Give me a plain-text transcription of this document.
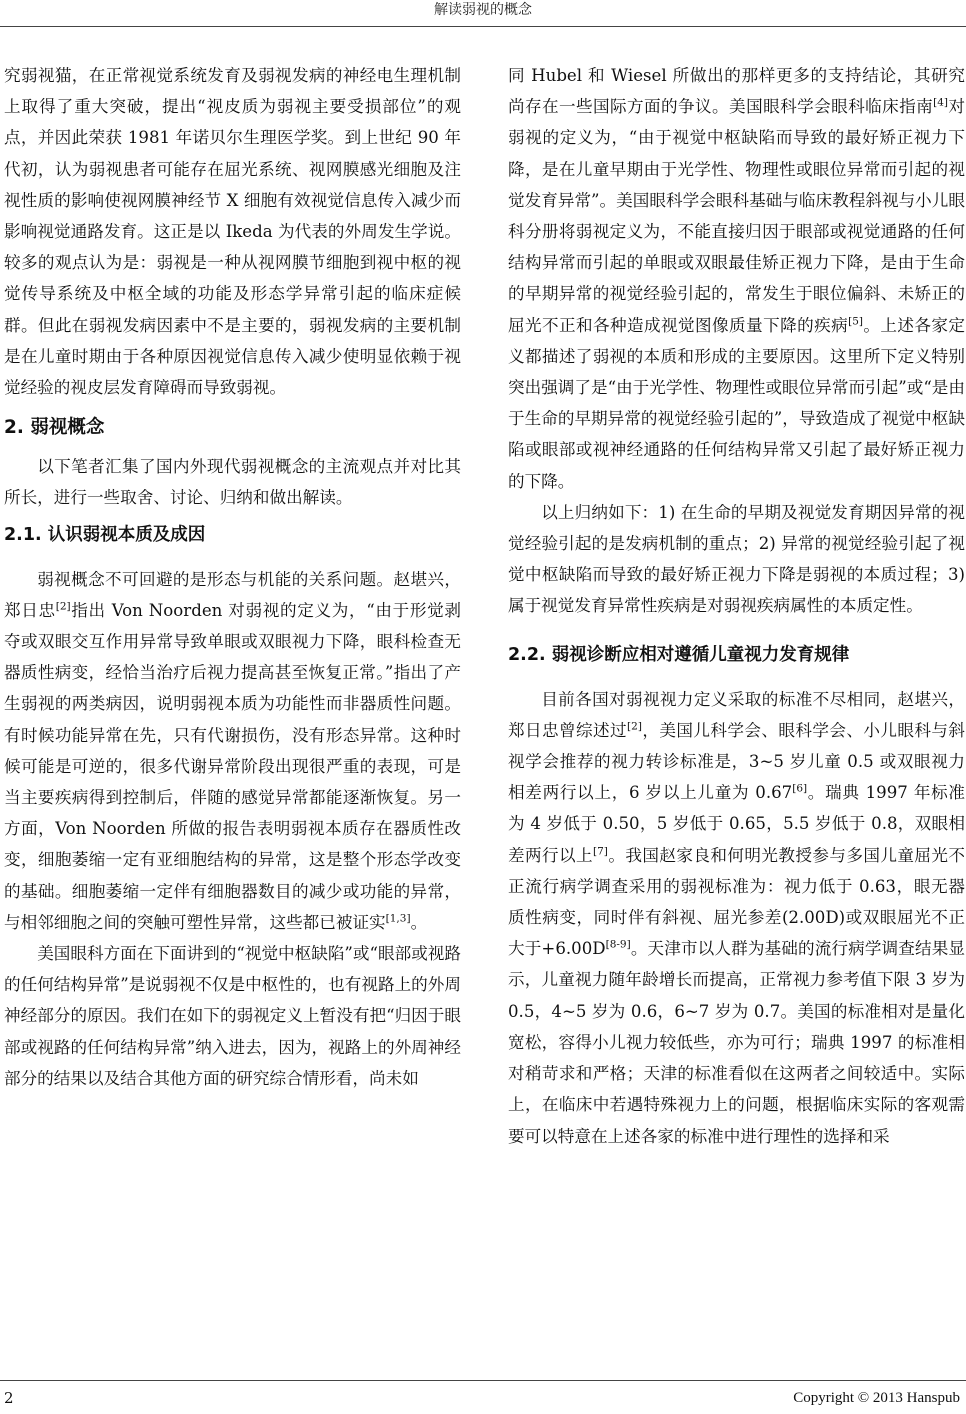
解读弱视的概念

究弱视猫，在正常视觉系统发育及弱视发病的神经电生理机制上取得了重大突破，提出“视皮质为弱视主要受损部位”的观点，并因此荣获 1981 年诺贝尔生理医学奖。到上世纪 90 年代初，认为弱视患者可能存在屈光系统、视网膜感光细胞及注视性质的影响使视网膜神经节 X 细胞有效视觉信息传入减少而影响视觉通路发育。这正是以 Ikeda 为代表的外周发生学说。较多的观点认为是：弱视是一种从视网膜节细胞到视中枢的视觉传导系统及中枢全域的功能及形态学异常引起的临床症候群。但此在弱视发病因素中不是主要的，弱视发病的主要机制是在儿童时期由于各种原因视觉信息传入减少使明显依赖于视觉经验的视皮层发育障碍而导致弱视。

2. 弱视概念

以下笔者汇集了国内外现代弱视概念的主流观点并对比其所长，进行一些取舍、讨论、归纳和做出解读。

2.1. 认识弱视本质及成因

弱视概念不可回避的是形态与机能的关系问题。赵堪兴，郑日忠[2]指出 Von Noorden 对弱视的定义为，“由于形觉剥夺或双眼交互作用异常导致单眼或双眼视力下降，眼科检查无器质性病变，经恰当治疗后视力提高甚至恢复正常。”指出了产生弱视的两类病因，说明弱视本质为功能性而非器质性问题。有时候功能异常在先，只有代谢损伤，没有形态异常。这种时候可能是可逆的，很多代谢异常阶段出现很严重的表现，可是当主要疾病得到控制后，伴随的感觉异常都能逐渐恢复。另一方面，Von Noorden 所做的报告表明弱视本质存在器质性改变，细胞萎缩一定有亚细胞结构的异常，这是整个形态学改变的基础。细胞萎缩一定伴有细胞器数目的减少或功能的异常，与相邻细胞之间的突触可塑性异常，这些都已被证实[1,3]。

美国眼科方面在下面讲到的“视觉中枢缺陷”或“眼部或视路的任何结构异常”是说弱视不仅是中枢性的，也有视路上的外周神经部分的原因。我们在如下的弱视定义上暂没有把“归因于眼部或视路的任何结构异常”纳入进去，因为，视路上的外周神经部分的结果以及结合其他方面的研究综合情形看，尚未如

同 Hubel 和 Wiesel 所做出的那样更多的支持结论，其研究尚存在一些国际方面的争议。美国眼科学会眼科临床指南[4]对弱视的定义为，“由于视觉中枢缺陷而导致的最好矫正视力下降，是在儿童早期由于光学性、物理性或眼位异常而引起的视觉发育异常”。美国眼科学会眼科基础与临床教程斜视与小儿眼科分册将弱视定义为，不能直接归因于眼部或视觉通路的任何结构异常而引起的单眼或双眼最佳矫正视力下降，是由于生命的早期异常的视觉经验引起的，常发生于眼位偏斜、未矫正的屈光不正和各种造成视觉图像质量下降的疾病[5]。上述各家定义都描述了弱视的本质和形成的主要原因。这里所下定义特别突出强调了是“由于光学性、物理性或眼位异常而引起”或“是由于生命的早期异常的视觉经验引起的”，导致造成了视觉中枢缺陷或眼部或视神经通路的任何结构异常又引起了最好矫正视力的下降。

以上归纳如下：1) 在生命的早期及视觉发育期因异常的视觉经验引起的是发病机制的重点；2) 异常的视觉经验引起了视觉中枢缺陷而导致的最好矫正视力下降是弱视的本质过程；3) 属于视觉发育异常性疾病是对弱视疾病属性的本质定性。

2.2. 弱视诊断应相对遵循儿童视力发育规律

目前各国对弱视视力定义采取的标准不尽相同，赵堪兴，郑日忠曾综述过[2]，美国儿科学会、眼科学会、小儿眼科与斜视学会推荐的视力转诊标准是，3~5 岁儿童 0.5 或双眼视力相差两行以上，6 岁以上儿童为 0.67[6]。瑞典 1997 年标准为 4 岁低于 0.50，5 岁低于 0.65，5.5 岁低于 0.8，双眼相差两行以上[7]。我国赵家良和何明光教授参与多国儿童屈光不正流行病学调查采用的弱视标准为：视力低于 0.63，眼无器质性病变，同时伴有斜视、屈光参差(2.00D)或双眼屈光不正大于+6.00D[8-9]。天津市以人群为基础的流行病学调查结果显示，儿童视力随年龄增长而提高，正常视力参考值下限 3 岁为 0.5，4~5 岁为 0.6，6~7 岁为 0.7。美国的标准相对是量化宽松，容得小儿视力较低些，亦为可行；瑞典 1997 的标准相对稍苛求和严格；天津的标准看似在这两者之间较适中。实际上，在临床中若遇特殊视力上的问题，根据临床实际的客观需要可以特意在上述各家的标准中进行理性的选择和采

2	Copyright © 2013 Hanspub
